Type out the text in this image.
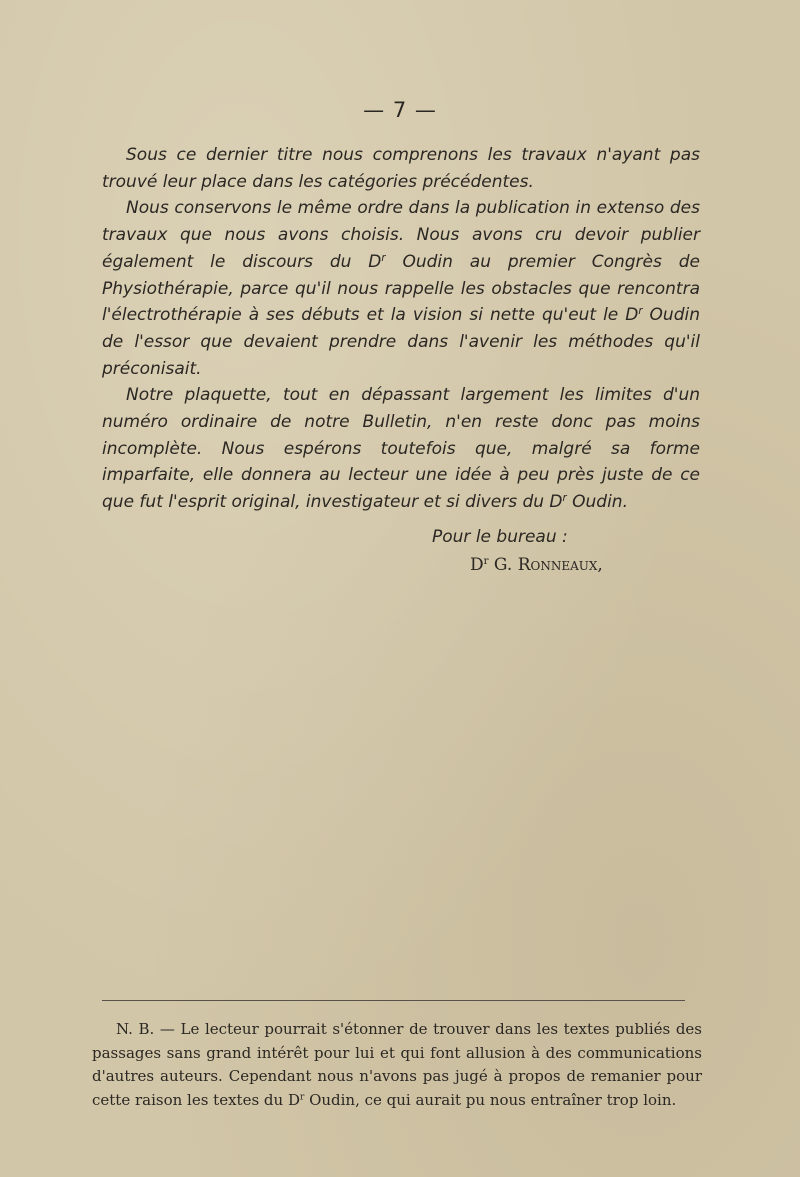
— 7 —

Sous ce dernier titre nous comprenons les travaux n'ayant pas trouvé leur place dans les catégories précédentes.

Nous conservons le même ordre dans la publication in extenso des travaux que nous avons choisis. Nous avons cru devoir publier également le discours du $D^r$ Oudin au premier Congrès de Physiothérapie, parce qu'il nous rappelle les obstacles que rencontra l'électrothérapie à ses débuts et la vision si nette qu'eut le $D^r$ Oudin de l'essor que devaient prendre dans l'avenir les méthodes qu'il préconisait.

Notre plaquette, tout en dépassant largement les limites d'un numéro ordinaire de notre Bulletin, n'en reste donc pas moins incomplète. Nous espérons toutefois que, malgré sa forme imparfaite, elle donnera au lecteur une idée à peu près juste de ce que fut l'esprit original, investigateur et si divers du $D^r$ Oudin.

Pour le bureau :
$D^r$ G. Ronneaux,

N. B. — Le lecteur pourrait s'étonner de trouver dans les textes publiés des passages sans grand intérêt pour lui et qui font allusion à des communications d'autres auteurs. Cependant nous n'avons pas jugé à propos de remanier pour cette raison les textes du $D^r$ Oudin, ce qui aurait pu nous entraîner trop loin.
